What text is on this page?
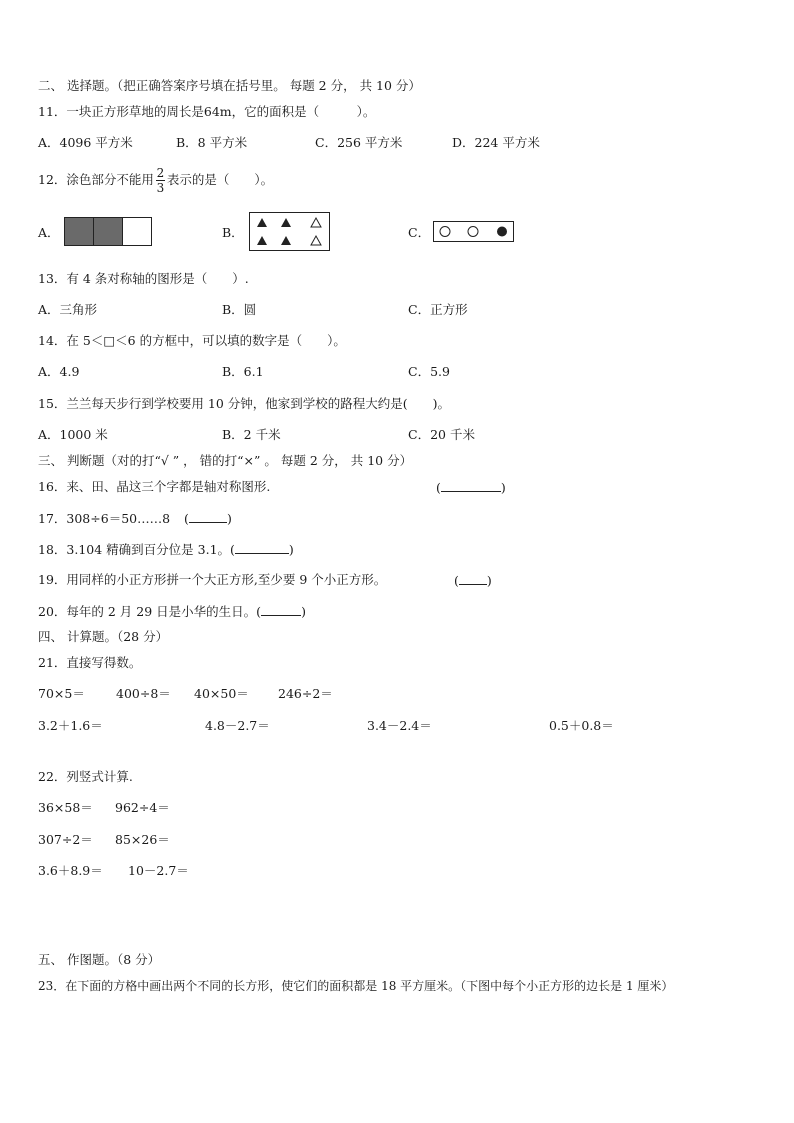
二、 选择题。（把正确答案序号填在括号里。 每题 2 分， 共 10 分）
11．一块正方形草地的周长是64m，它的面积是（　　　）。
A．4096 平方米	B．8 平方米	C．256 平方米	D．224 平方米
12．涂色部分不能用 $\frac{2}{3}$ 表示的是（　　）。
A．	B．	C．
13．有 4 条对称轴的图形是（　　）.
A．三角形	B．圆	C．正方形
14．在 5＜□＜6 的方框中，可以填的数字是（　　）。
A．4.9	B．6.1	C．5.9
15．兰兰每天步行到学校要用 10 分钟，他家到学校的路程大约是(　　)。
A．1000 米	B．2 千米	C．20 千米
三、 判断题（对的打“√ ” ， 错的打“×” 。 每题 2 分， 共 10 分）
16．来、田、晶这三个字都是轴对称图形.	(	)
17．308÷6＝50……8 (	)
18．3.104 精确到百分位是 3.1。(	)
19．用同样的小正方形拼一个大正方形,至少要 9 个小正方形。	( )
20．每年的 2 月 29 日是小华的生日。(	)
四、 计算题。（28 分）
21．直接写得数。
70×5＝ 400÷8＝ 40×50＝ 246÷2＝
3.2＋1.6＝	4.8－2.7＝	3.4－2.4＝	0.5＋0.8＝
22．列竖式计算.
36×58＝ 962÷4＝
307÷2＝ 85×26＝
3.6＋8.9＝ 10－2.7＝
五、 作图题。（8 分）
23．在下面的方格中画出两个不同的长方形，使它们的面积都是 18 平方厘米。（下图中每个小正方形的边长是 1 厘米）
